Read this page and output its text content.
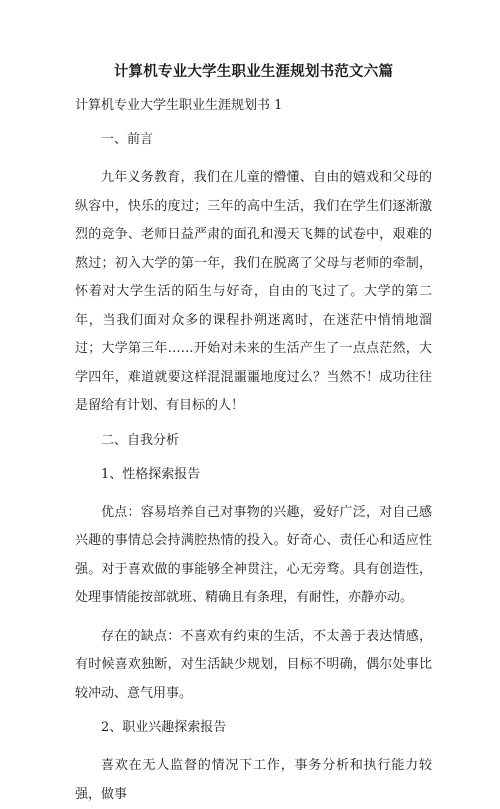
计算机专业大学生职业生涯规划书范文六篇
计算机专业大学生职业生涯规划书 1
一、前言
九年义务教育，我们在儿童的懵懂、自由的嬉戏和父母的纵容中，快乐的度过；三年的高中生活，我们在学生们逐渐激烈的竞争、老师日益严肃的面孔和漫天飞舞的试卷中，艰难的熬过；初入大学的第一年，我们在脱离了父母与老师的牵制，怀着对大学生活的陌生与好奇，自由的飞过了。大学的第二年，当我们面对众多的课程扑朔迷离时，在迷茫中悄悄地溜过；大学第三年……开始对未来的生活产生了一点点茫然，大学四年，难道就要这样混混噩噩地度过么？当然不！成功往往是留给有计划、有目标的人！
二、自我分析
1、性格探索报告
优点：容易培养自己对事物的兴趣，爱好广泛，对自己感兴趣的事情总会持满腔热情的投入。好奇心、责任心和适应性强。对于喜欢做的事能够全神贯注，心无旁骛。具有创造性，处理事情能按部就班、精确且有条理，有耐性，亦静亦动。
存在的缺点：不喜欢有约束的生活，不太善于表达情感，有时候喜欢独断，对生活缺少规划，目标不明确，偶尔处事比较冲动、意气用事。
2、职业兴趣探索报告
喜欢在无人监督的情况下工作，事务分析和执行能力较强，做事
